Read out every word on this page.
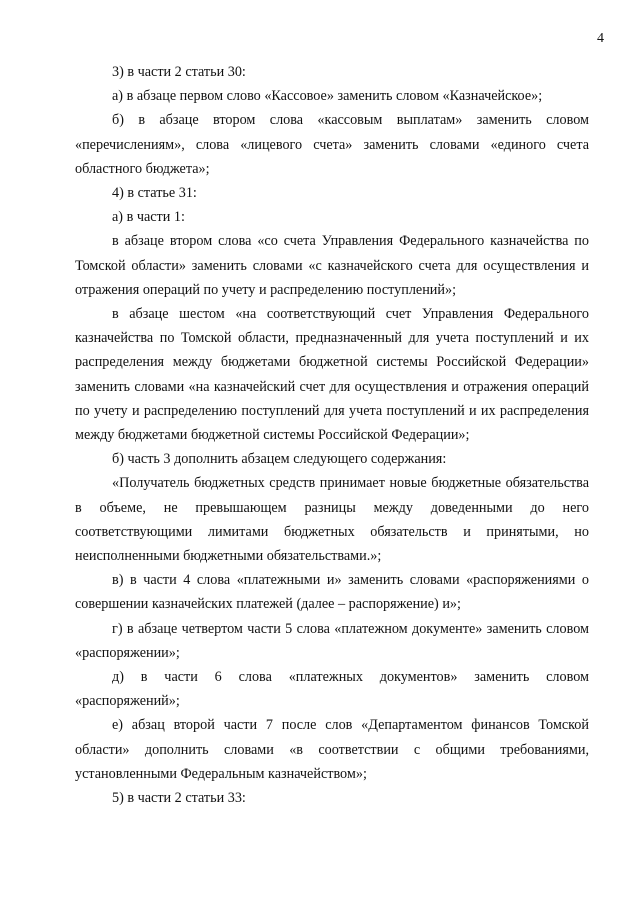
4

3) в части 2 статьи 30:

а) в абзаце первом слово «Кассовое» заменить словом «Казначейское»;

б) в абзаце втором слова «кассовым выплатам» заменить словом «перечислениям», слова «лицевого счета» заменить словами «единого счета областного бюджета»;

4) в статье 31:

а) в части 1:

в абзаце втором слова «со счета Управления Федерального казначейства по Томской области» заменить словами «с казначейского счета для осуществления и отражения операций по учету и распределению поступлений»;

в абзаце шестом «на соответствующий счет Управления Федерального казначейства по Томской области, предназначенный для учета поступлений и их распределения между бюджетами бюджетной системы Российской Федерации» заменить словами «на казначейский счет для осуществления и отражения операций по учету и распределению поступлений для учета поступлений и их распределения между бюджетами бюджетной системы Российской Федерации»;

б) часть 3 дополнить абзацем следующего содержания:

«Получатель бюджетных средств принимает новые бюджетные обязательства в объеме, не превышающем разницы между доведенными до него соответствующими лимитами бюджетных обязательств и принятыми, но неисполненными бюджетными обязательствами.»;

в) в части 4 слова «платежными и» заменить словами «распоряжениями о совершении казначейских платежей (далее – распоряжение) и»;

г) в абзаце четвертом части 5 слова «платежном документе» заменить словом «распоряжении»;

д) в части 6 слова «платежных документов» заменить словом «распоряжений»;

е) абзац второй части 7 после слов «Департаментом финансов Томской области» дополнить словами «в соответствии с общими требованиями, установленными Федеральным казначейством»;

5) в части 2 статьи 33:
